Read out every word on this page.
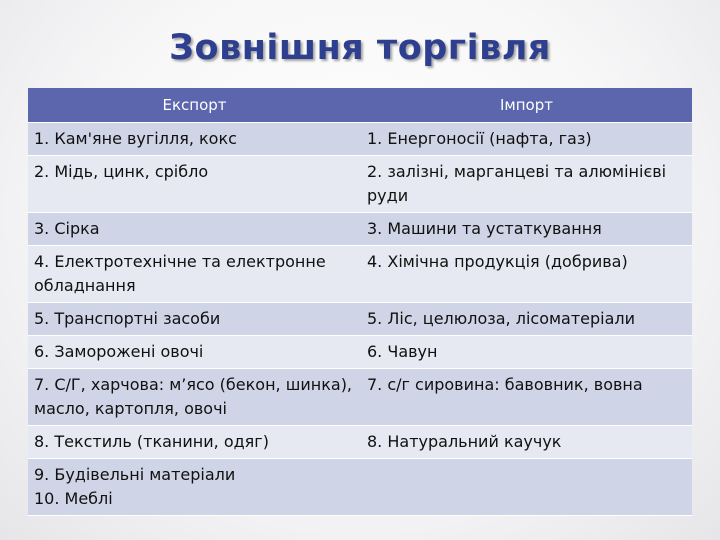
Зовнішня торгівля
Експорт	Імпорт
1. Кам'яне вугілля, кокс	1. Енергоносії (нафта, газ)
2. Мідь, цинк, срібло	2. залізні, марганцеві та алюмінієві руди
3. Сірка	3. Машини та устаткування
4. Електротехнічне та електронне обладнання	4. Хімічна продукція (добрива)
5. Транспортні засоби	5. Ліс, целюлоза, лісоматеріали
6. Заморожені овочі	6. Чавун
7. С/Г, харчова: м’ясо (бекон, шинка), масло, картопля, овочі	7. с/г сировина: бавовник, вовна
8. Текстиль (тканини, одяг)	8. Натуральний каучук
9. Будівельні матеріали
10. Меблі	
